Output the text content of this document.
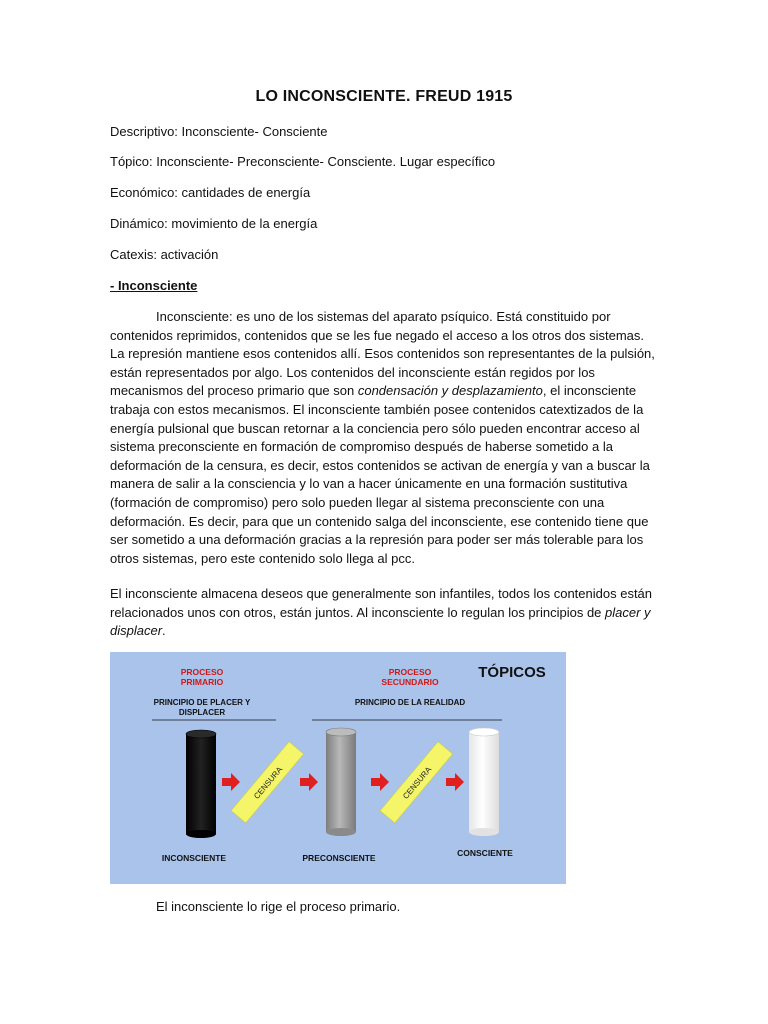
LO INCONSCIENTE. FREUD 1915
Descriptivo: Inconsciente- Consciente
Tópico: Inconsciente- Preconsciente- Consciente. Lugar específico
Económico: cantidades de energía
Dinámico: movimiento de la energía
Catexis: activación
- Inconsciente

Inconsciente: es uno de los sistemas del aparato psíquico. Está constituido por contenidos reprimidos, contenidos que se les fue negado el acceso a los otros dos sistemas. La represión mantiene esos contenidos allí. Esos contenidos son representantes de la pulsión, están representados por algo. Los contenidos del inconsciente están regidos por los mecanismos del proceso primario que son condensación y desplazamiento, el inconsciente trabaja con estos mecanismos. El inconsciente también posee contenidos catextizados de la energía pulsional que buscan retornar a la conciencia pero sólo pueden encontrar acceso al sistema preconsciente en formación de compromiso después de haberse sometido a la deformación de la censura, es decir, estos contenidos se activan de energía y van a buscar la manera de salir a la consciencia y lo van a hacer únicamente en una formación sustitutiva (formación de compromiso) pero solo pueden llegar al sistema preconsciente con una deformación. Es decir, para que un contenido salga del inconsciente, ese contenido tiene que ser sometido a una deformación gracias a la represión para poder ser más tolerable para los otros sistemas, pero este contenido solo llega al pcc.

El inconsciente almacena deseos que generalmente son infantiles, todos los contenidos están relacionados unos con otros, están juntos. Al inconsciente lo regulan los principios de placer y displacer.

PROCESO
PRIMARIO
PROCESO
SECUNDARIO
TÓPICOS
PRINCIPIO DE PLACER Y
DISPLACER
PRINCIPIO DE LA REALIDAD
CENSURA	CENSURA
INCONSCIENTE	PRECONSCIENTE	CONSCIENTE
El inconsciente lo rige el proceso primario.
